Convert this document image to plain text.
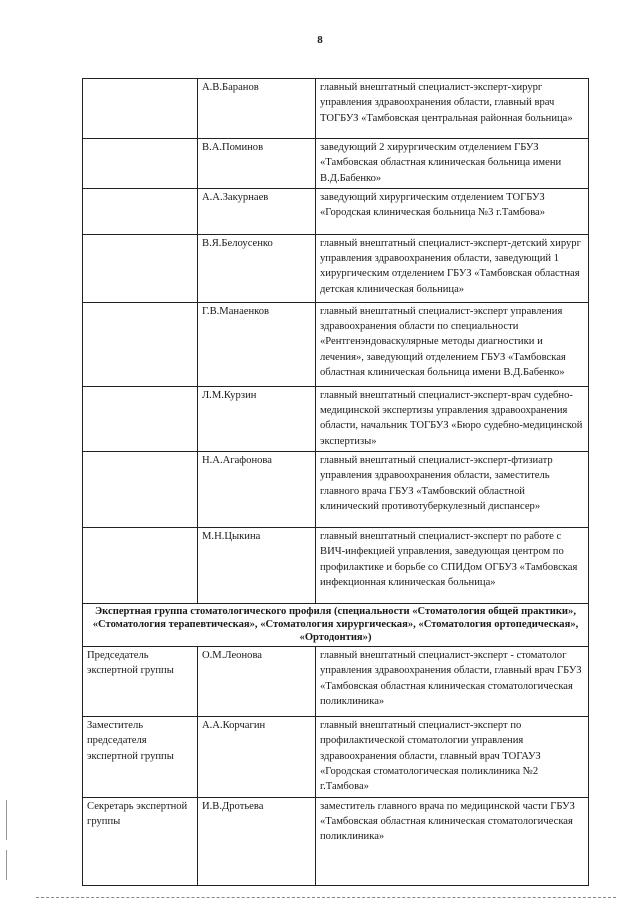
8
	А.В.Баранов	главный внештатный специалист-эксперт-хирург управления здравоохранения области, главный врач ТОГБУЗ «Тамбовская центральная районная больница»
	В.А.Поминов	заведующий 2 хирургическим отделением ГБУЗ «Тамбовская областная клиническая больница имени В.Д.Бабенко»
	А.А.Закурнаев	заведующий хирургическим отделением ТОГБУЗ «Городская клиническая больница №3 г.Тамбова»
	В.Я.Белоусенко	главный внештатный специалист-эксперт-детский хирург управления здравоохранения области, заведующий 1 хирургическим отделением ГБУЗ «Тамбовская областная детская клиническая больница»
	Г.В.Манаенков	главный внештатный специалист-эксперт управления здравоохранения области по специальности «Рентгенэндоваскулярные методы диагностики и лечения», заведующий отделением ГБУЗ «Тамбовская областная клиническая больница имени В.Д.Бабенко»
	Л.М.Курзин	главный внештатный специалист-эксперт-врач судебно-медицинской экспертизы управления здравоохранения области, начальник ТОГБУЗ «Бюро судебно-медицинской экспертизы»
	Н.А.Агафонова	главный внештатный специалист-эксперт-фтизиатр управления здравоохранения области, заместитель главного врача ГБУЗ «Тамбовский областной клинический противотуберкулезный диспансер»
	М.Н.Цыкина	главный внештатный специалист-эксперт по работе с ВИЧ-инфекцией управления, заведующая центром по профилактике и борьбе со СПИДом ОГБУЗ «Тамбовская инфекционная клиническая больница»
Экспертная группа стоматологического профиля (специальности «Стоматология общей практики», «Стоматология терапевтическая», «Стоматология хирургическая», «Стоматология ортопедическая», «Ортодонтия»)		
Председатель экспертной группы	О.М.Леонова	главный внештатный специалист-эксперт - стоматолог управления здравоохранения области, главный врач ГБУЗ «Тамбовская областная клиническая стоматологическая поликлиника»
Заместитель председателя экспертной группы	А.А.Корчагин	главный внештатный специалист-эксперт по профилактической стоматологии управления здравоохранения области, главный врач ТОГАУЗ «Городская стоматологическая поликлиника №2 г.Тамбова»
Секретарь экспертной группы	И.В.Дротьева	заместитель главного врача по медицинской части ГБУЗ «Тамбовская областная клиническая стоматологическая поликлиника»
